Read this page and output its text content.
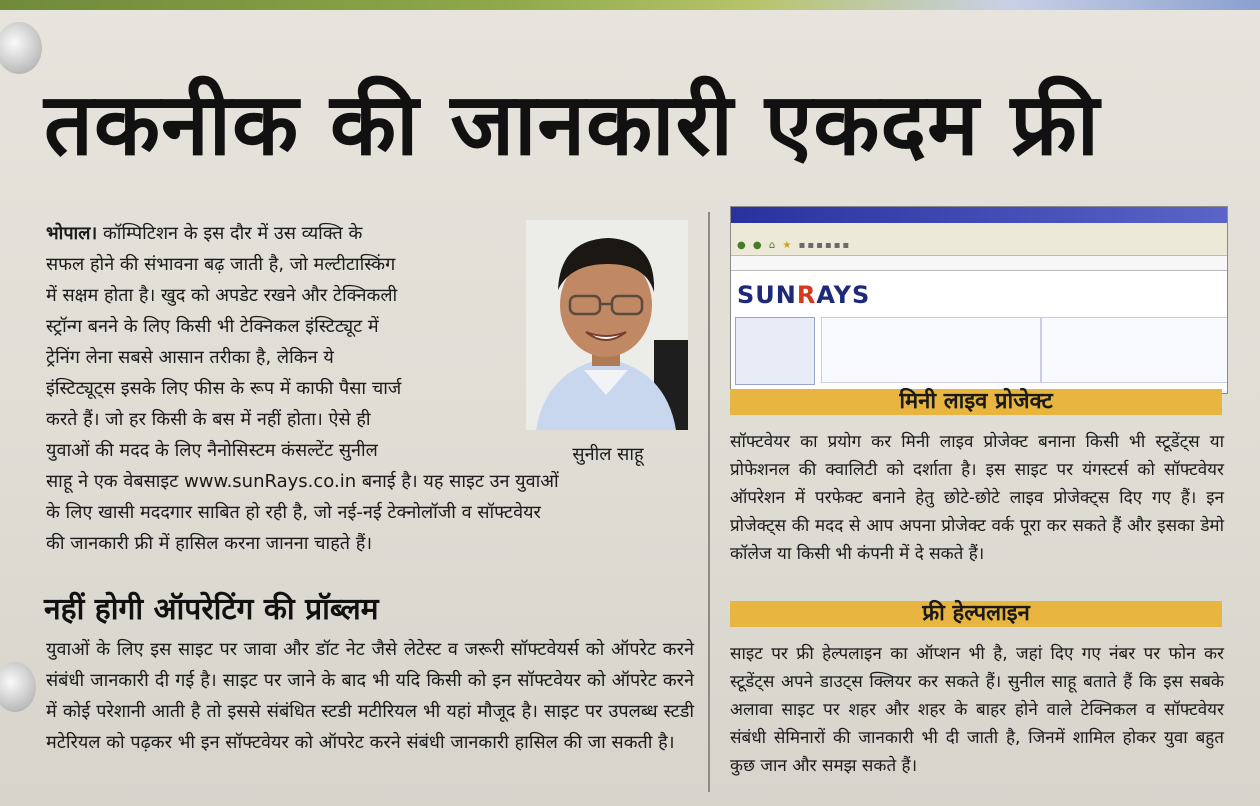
तकनीक की जानकारी एकदम फ्री
भोपाल। कॉम्पिटिशन के इस दौर में उस व्यक्ति के
सफल होने की संभावना बढ़ जाती है, जो मल्टीटास्किंग
में सक्षम होता है। खुद को अपडेट रखने और टेक्निकली
स्ट्रॉन्ग बनने के लिए किसी भी टेक्निकल इंस्टिट्यूट में
ट्रेनिंग लेना सबसे आसान तरीका है, लेकिन ये
इंस्टिट्यूट्स इसके लिए फीस के रूप में काफी पैसा चार्ज
करते हैं। जो हर किसी के बस में नहीं होता। ऐसे ही
युवाओं की मदद के लिए नैनोसिस्टम कंसल्टेंट सुनील
साहू ने एक वेबसाइट www.sunRays.co.in बनाई है। यह साइट उन युवाओं
के लिए खासी मददगार साबित हो रही है, जो नई-नई टेक्नोलॉजी व सॉफ्टवेयर
की जानकारी फ्री में हासिल करना जानना चाहते हैं।
सुनील साहू
नहीं होगी ऑपरेटिंग की प्रॉब्लम
युवाओं के लिए इस साइट पर जावा और डॉट नेट जैसे लेटेस्ट व जरूरी सॉफ्टवेयर्स को ऑपरेट करने संबंधी जानकारी दी गई है। साइट पर जाने के बाद भी यदि किसी को इन सॉफ्टवेयर को ऑपरेट करने में कोई परेशानी आती है तो इससे संबंधित स्टडी मटीरियल भी यहां मौजूद है। साइट पर उपलब्ध स्टडी मटेरियल को पढ़कर भी इन सॉफ्टवेयर को ऑपरेट करने संबंधी जानकारी हासिल की जा सकती है।
● ● ⌂ ★ ▪▪▪▪▪▪
SUNRAYS
मिनी लाइव प्रोजेक्ट
सॉफ्टवेयर का प्रयोग कर मिनी लाइव प्रोजेक्ट बनाना किसी भी स्टूडेंट्स या प्रोफेशनल की क्वालिटी को दर्शाता है। इस साइट पर यंगस्टर्स को सॉफ्टवेयर ऑपरेशन में परफेक्ट बनाने हेतु छोटे-छोटे लाइव प्रोजेक्ट्स दिए गए हैं। इन प्रोजेक्ट्स की मदद से आप अपना प्रोजेक्ट वर्क पूरा कर सकते हैं और इसका डेमो कॉलेज या किसी भी कंपनी में दे सकते हैं।
फ्री हेल्पलाइन
साइट पर फ्री हेल्पलाइन का ऑप्शन भी है, जहां दिए गए नंबर पर फोन कर स्टूडेंट्स अपने डाउट्स क्लियर कर सकते हैं। सुनील साहू बताते हैं कि इस सबके अलावा साइट पर शहर और शहर के बाहर होने वाले टेक्निकल व सॉफ्टवेयर संबंधी सेमिनारों की जानकारी भी दी जाती है, जिनमें शामिल होकर युवा बहुत कुछ जान और समझ सकते हैं।
